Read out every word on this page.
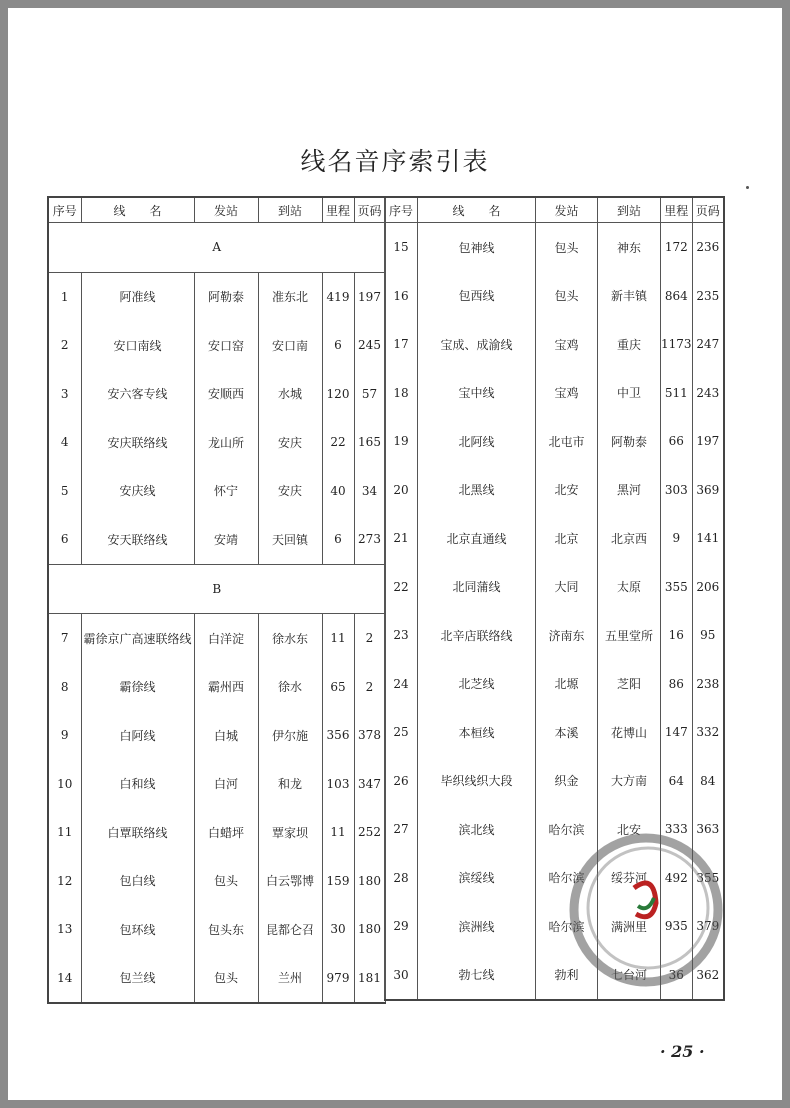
线名音序索引表
序号	线　　名	发站	到站	里程	页码
A					
1	阿准线	阿勒泰	准东北	419	197
2	安口南线	安口窑	安口南	6	245
3	安六客专线	安顺西	水城	120	57
4	安庆联络线	龙山所	安庆	22	165
5	安庆线	怀宁	安庆	40	34
6	安天联络线	安靖	天回镇	6	273
B					
7	霸徐京广高速联络线	白洋淀	徐水东	11	2
8	霸徐线	霸州西	徐水	65	2
9	白阿线	白城	伊尔施	356	378
10	白和线	白河	和龙	103	347
11	白覃联络线	白蜡坪	覃家坝	11	252
12	包白线	包头	白云鄂博	159	180
13	包环线	包头东	昆都仑召	30	180
14	包兰线	包头	兰州	979	181
序号	线　　名	发站	到站	里程	页码
15	包神线	包头	神东	172	236
16	包西线	包头	新丰镇	864	235
17	宝成、成渝线	宝鸡	重庆	1173	247
18	宝中线	宝鸡	中卫	511	243
19	北阿线	北屯市	阿勒泰	66	197
20	北黑线	北安	黑河	303	369
21	北京直通线	北京	北京西	9	141
22	北同蒲线	大同	太原	355	206
23	北辛店联络线	济南东	五里堂所	16	95
24	北芝线	北塬	芝阳	86	238
25	本桓线	本溪	花博山	147	332
26	毕织线织大段	织金	大方南	64	84
27	滨北线	哈尔滨	北安	333	363
28	滨绥线	哈尔滨	绥芬河	492	355
29	滨洲线	哈尔滨	满洲里	935	379
30	勃七线	勃利	七台河	36	362
· 25 ·
